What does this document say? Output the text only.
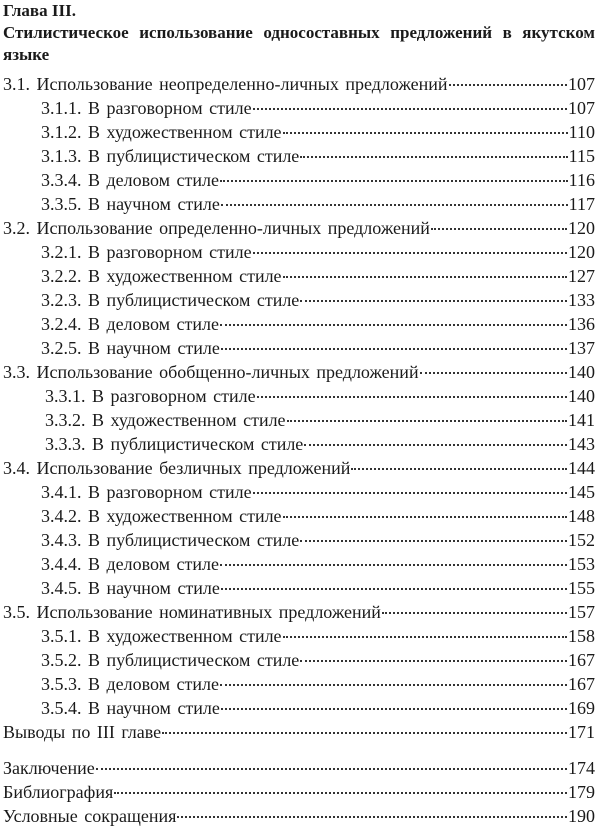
Глава III.
Стилистическое использование односоставных предложений в якутском языке
3.1. Использование неопределенно-личных предложений	107
3.1.1. В разговорном стиле	107
3.1.2. В художественном стиле	110
3.1.3. В публицистическом стиле	115
3.3.4. В деловом стиле	116
3.3.5. В научном стиле	117
3.2. Использование определенно-личных предложений	120
3.2.1. В разговорном стиле	120
3.2.2. В художественном стиле	127
3.2.3. В публицистическом стиле	133
3.2.4. В деловом стиле	136
3.2.5. В научном стиле	137
3.3. Использование обобщенно-личных предложений	140
3.3.1. В разговорном стиле	140
3.3.2. В художественном стиле	141
3.3.3. В публицистическом стиле	143
3.4. Использование безличных предложений	144
3.4.1. В разговорном стиле	145
3.4.2. В художественном стиле	148
3.4.3. В публицистическом стиле	152
3.4.4. В деловом стиле	153
3.4.5. В научном стиле	155
3.5. Использование номинативных предложений	157
3.5.1. В художественном стиле	158
3.5.2. В публицистическом стиле	167
3.5.3. В деловом стиле	167
3.5.4. В научном стиле	169
Выводы по III главе	171
Заключение	174
Библиография	179
Условные сокращения	190
